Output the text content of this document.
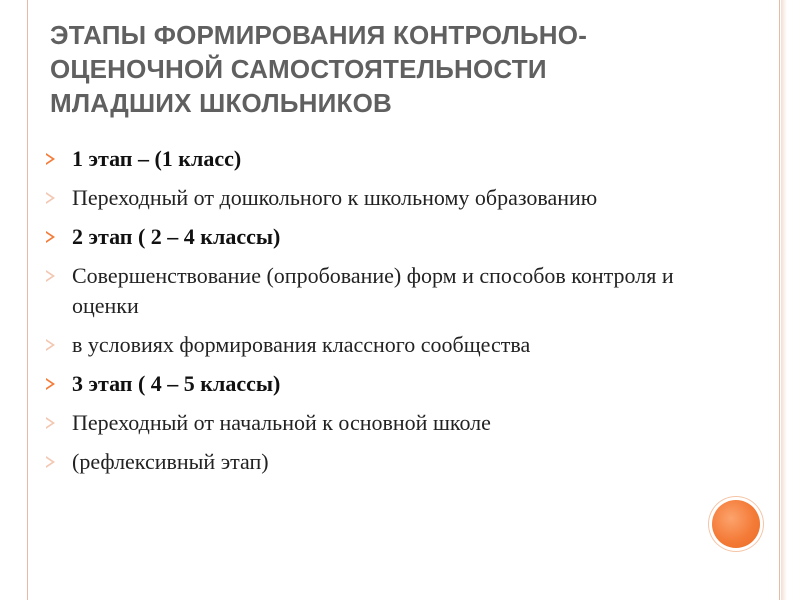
ЭТАПЫ ФОРМИРОВАНИЯ КОНТРОЛЬНО-
ОЦЕНОЧНОЙ САМОСТОЯТЕЛЬНОСТИ
МЛАДШИХ ШКОЛЬНИКОВ
1 этап – (1 класс)
Переходный от дошкольного к школьному образованию
2 этап ( 2 – 4 классы)
Совершенствование (опробование) форм и способов контроля и оценки
в условиях формирования классного сообщества
3 этап ( 4 – 5 классы)
Переходный от начальной к основной школе
(рефлексивный этап)
